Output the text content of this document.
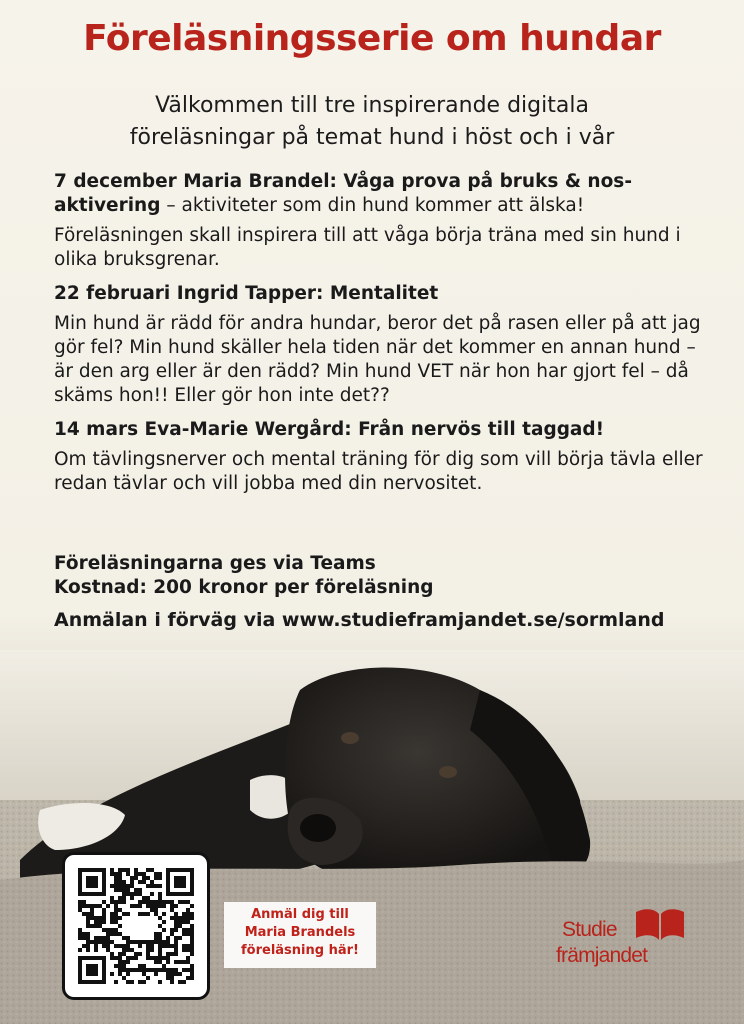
Föreläsningsserie om hundar
Välkommen till tre inspirerande digitala
föreläsningar på temat hund i höst och i vår
7 december Maria Brandel: Våga prova på bruks & nos-aktivering – aktiviteter som din hund kommer att älska!
Föreläsningen skall inspirera till att våga börja träna med sin hund i olika bruksgrenar.
22 februari Ingrid Tapper: Mentalitet
Min hund är rädd för andra hundar, beror det på rasen eller på att jag gör fel? Min hund skäller hela tiden när det kommer en annan hund – är den arg eller är den rädd? Min hund VET när hon har gjort fel – då skäms hon!! Eller gör hon inte det??
14 mars Eva-Marie Wergård: Från nervös till taggad!
Om tävlingsnerver och mental träning för dig som vill börja tävla eller redan tävlar och vill jobba med din nervositet.
Föreläsningarna ges via Teams
Kostnad: 200 kronor per föreläsning
Anmälan i förväg via www.studieframjandet.se/sormland
Anmäl dig till
Maria Brandels
föreläsning här!
Studie
främjandet
